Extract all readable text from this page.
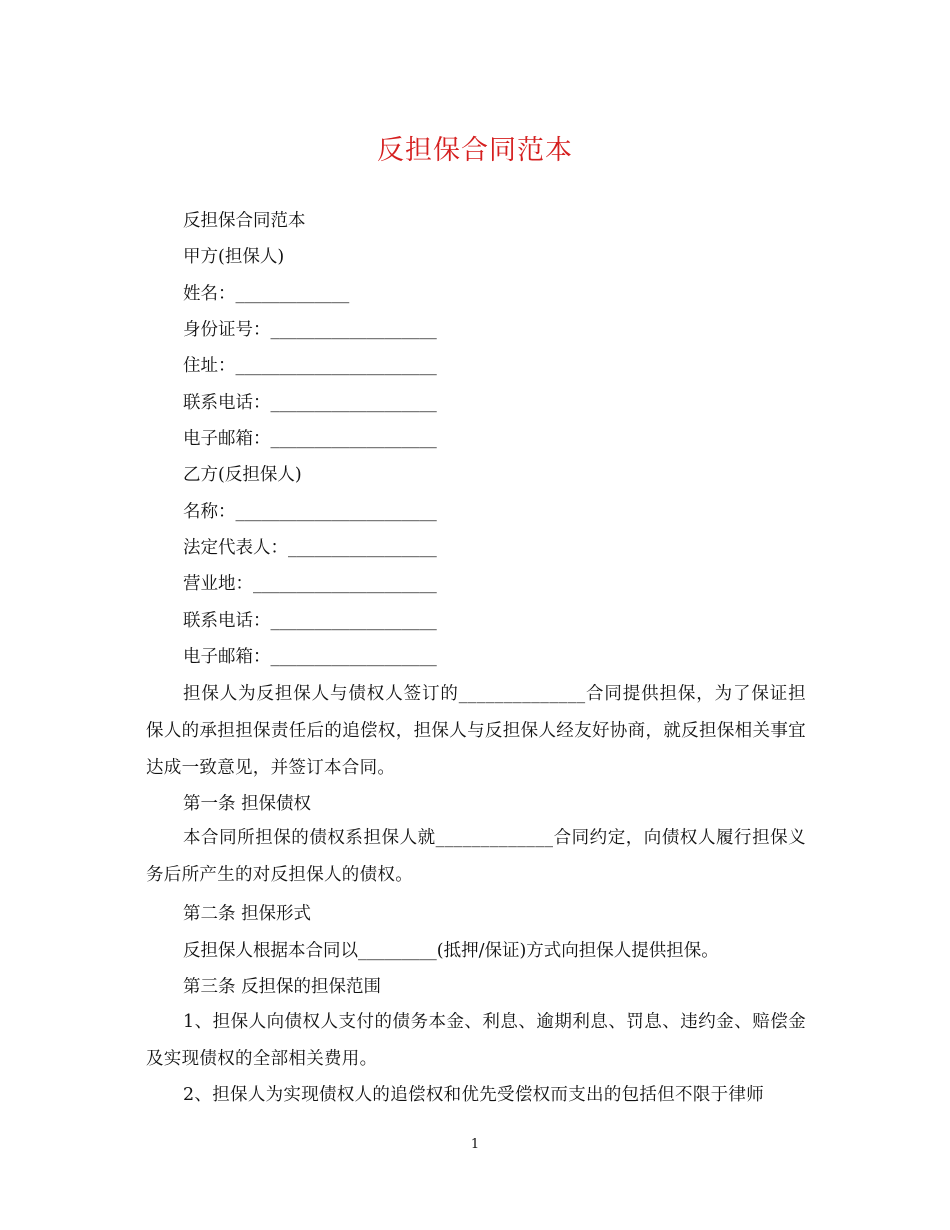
反担保合同范本
反担保合同范本
甲方(担保人)
姓名：_____________
身份证号：___________________
住址：_______________________
联系电话：___________________
电子邮箱：___________________
乙方(反担保人)
名称：_______________________
法定代表人：_________________
营业地：_____________________
联系电话：___________________
电子邮箱：___________________
担保人为反担保人与债权人签订的______________合同提供担保，为了保证担保人的承担担保责任后的追偿权，担保人与反担保人经友好协商，就反担保相关事宜达成一致意见，并签订本合同。
第一条 担保债权
本合同所担保的债权系担保人就_____________合同约定，向债权人履行担保义务后所产生的对反担保人的债权。
第二条 担保形式
反担保人根据本合同以_________(抵押/保证)方式向担保人提供担保。
第三条 反担保的担保范围
1、担保人向债权人支付的债务本金、利息、逾期利息、罚息、违约金、赔偿金及实现债权的全部相关费用。
2、担保人为实现债权人的追偿权和优先受偿权而支出的包括但不限于律师
1
